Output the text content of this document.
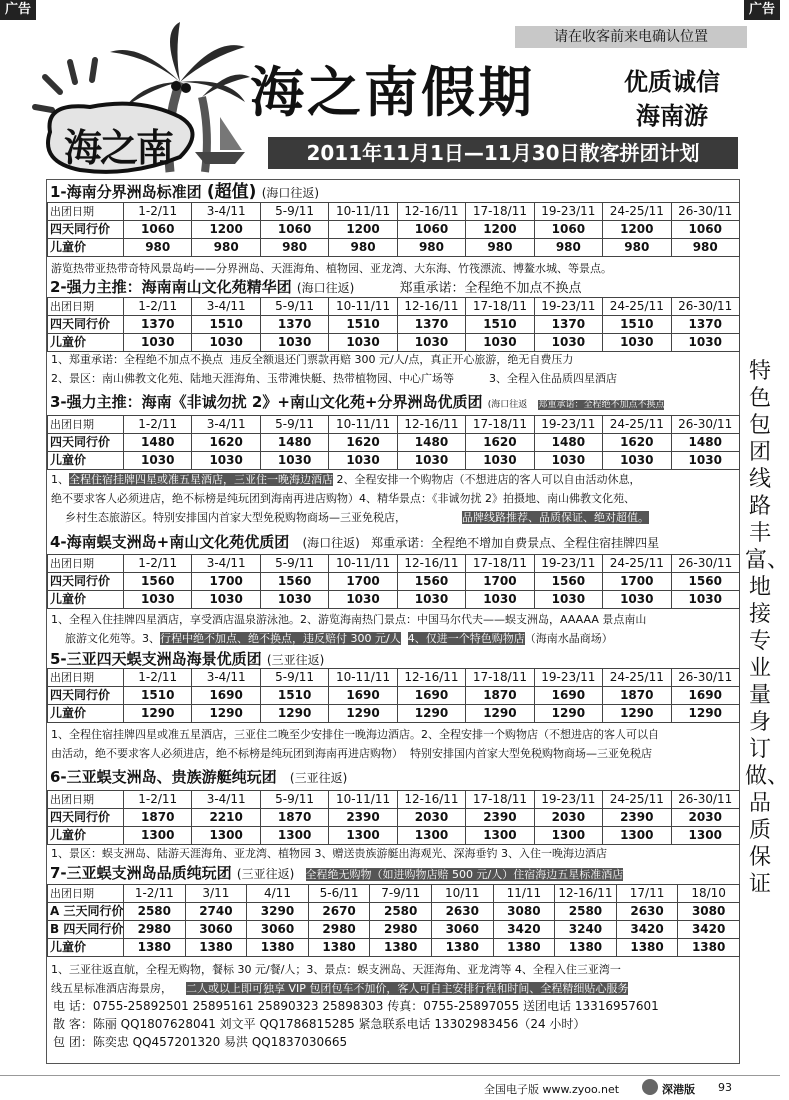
广告	广告
请在收客前来电确认位置
海之南
海之南假期	优质诚信
海南游
2011年11月1日—11月30日散客拼团计划
1-海南分界洲岛标准团 (超值) (海口往返)
出团日期	1-2/11	3-4/11	5-9/11	10-11/11	12-16/11	17-18/11	19-23/11	24-25/11	26-30/11
四天同行价	1060	1200	1060	1200	1060	1200	1060	1200	1060
儿童价	980	980	980	980	980	980	980	980	980
游览热带亚热带奇特风景岛屿——分界洲岛、天涯海角、植物园、亚龙湾、大东海、竹筏漂流、博鳌水城、等景点。
2-强力主推：海南南山文化苑精华团 (海口往返)	郑重承诺：全程绝不加点不换点
出团日期	1-2/11	3-4/11	5-9/11	10-11/11	12-16/11	17-18/11	19-23/11	24-25/11	26-30/11
四天同行价	1370	1510	1370	1510	1370	1510	1370	1510	1370
儿童价	1030	1030	1030	1030	1030	1030	1030	1030	1030
1、郑重承诺：全程绝不加点不换点  违反全额退还门票款再赔 300 元/人/点，真正开心旅游，绝无自费压力
2、景区：南山佛教文化苑、陆地天涯海角、玉带滩快艇、热带植物园、中心广场等          3、全程入住品质四星酒店
3-强力主推：海南《非诚勿扰 2》+南山文化苑+分界洲岛优质团 (海口往返 郑重承诺：全程绝不加点不换点
出团日期	1-2/11	3-4/11	5-9/11	10-11/11	12-16/11	17-18/11	19-23/11	24-25/11	26-30/11
四天同行价	1480	1620	1480	1620	1480	1620	1480	1620	1480
儿童价	1030	1030	1030	1030	1030	1030	1030	1030	1030
1、全程住宿挂牌四星或准五星酒店，三亚住一晚海边酒店 2、全程安排一个购物店（不想进店的客人可以自由活动休息，
绝不要求客人必须进店，绝不标榜是纯玩团到海南再进店购物）4、精华景点：《非诚勿扰 2》拍摄地、南山佛教文化苑、
乡村生态旅游区。特别安排国内首家大型免税购物商场—三亚免税店，                品牌线路推荐、品质保证、绝对超值。
4-海南蜈支洲岛+南山文化苑优质团 (海口往返) 郑重承诺：全程绝不增加自费景点、全程住宿挂牌四星
出团日期	1-2/11	3-4/11	5-9/11	10-11/11	12-16/11	17-18/11	19-23/11	24-25/11	26-30/11
四天同行价	1560	1700	1560	1700	1560	1700	1560	1700	1560
儿童价	1030	1030	1030	1030	1030	1030	1030	1030	1030
1、全程入住挂牌四星酒店，享受酒店温泉游泳池。2、游览海南热门景点：中国马尔代夫——蜈支洲岛，AAAAA 景点南山
旅游文化苑等。3、行程中绝不加点、绝不换点，违反赔付 300 元/人 4、仅进一个特色购物店（海南水晶商场）
5-三亚四天蜈支洲岛海景优质团 (三亚往返)
出团日期	1-2/11	3-4/11	5-9/11	10-11/11	12-16/11	17-18/11	19-23/11	24-25/11	26-30/11
四天同行价	1510	1690	1510	1690	1690	1870	1690	1870	1690
儿童价	1290	1290	1290	1290	1290	1290	1290	1290	1290
1、全程住宿挂牌四星或准五星酒店，三亚住二晚至少安排住一晚海边酒店。2、全程安排一个购物店（不想进店的客人可以自
由活动，绝不要求客人必须进店，绝不标榜是纯玩团到海南再进店购物）  特别安排国内首家大型免税购物商场—三亚免税店
6-三亚蜈支洲岛、贵族游艇纯玩团 (三亚往返)
出团日期	1-2/11	3-4/11	5-9/11	10-11/11	12-16/11	17-18/11	19-23/11	24-25/11	26-30/11
四天同行价	1870	2210	1870	2390	2030	2390	2030	2390	2030
儿童价	1300	1300	1300	1300	1300	1300	1300	1300	1300
1、景区：蜈支洲岛、陆游天涯海角、亚龙湾、植物园 3、赠送贵族游艇出海观光、深海垂钓 3、入住一晚海边酒店
7-三亚蜈支洲岛品质纯玩团 (三亚往返) 全程绝无购物（如进购物店赔 500 元/人）住宿海边五星标准酒店
出团日期	1-2/11	3/11	4/11	5-6/11	7-9/11	10/11	11/11	12-16/11	17/11	18/10
A 三天同行价	2580	2740	3290	2670	2580	2630	3080	2580	2630	3080
B 四天同行价	2980	3060	3060	2980	2980	3060	3420	3240	3420	3420
儿童价	1380	1380	1380	1380	1380	1380	1380	1380	1380	1380
1、三亚往返直航，全程无购物，餐标 30 元/餐/人；3、景点：蜈支洲岛、天涯海角、亚龙湾等 4、全程入住三亚湾一
线五星标准酒店海景房，    二人或以上即可独享 VIP 包团包车不加价，客人可自主安排行程和时间、全程精细贴心服务
电 话：0755-25892501 25895161 25890323 25898303 传真：0755-25897055 送团电话 13316957601
散 客：陈丽 QQ1807628041 刘文平 QQ1786815285 紧急联系电话 13302983456（24 小时）
包 团：陈奕忠 QQ457201320 易洪 QQ1837030665
特色包团线路丰富、地接专业量身订做、品质保证
全国电子版 www.zyoo.net	深港版 93
